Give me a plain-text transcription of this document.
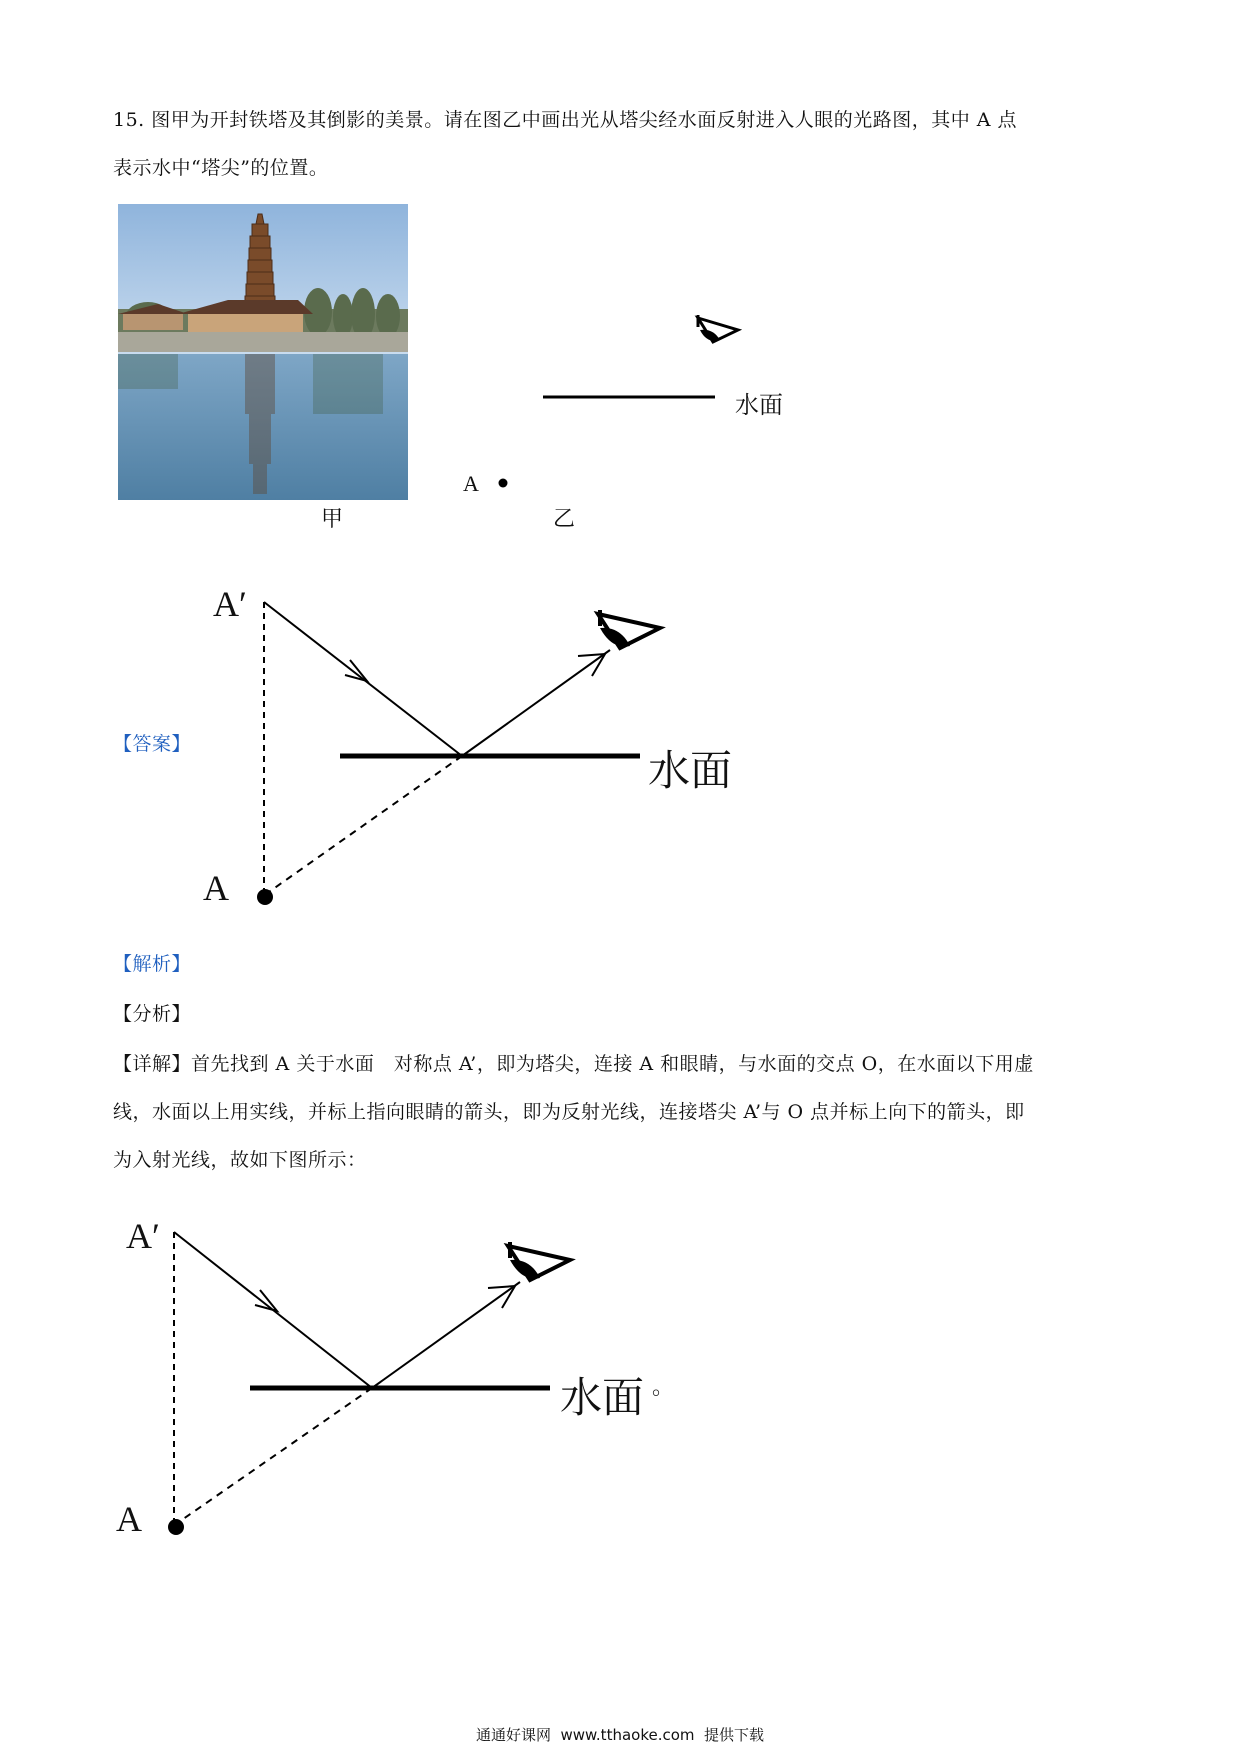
15. 图甲为开封铁塔及其倒影的美景。请在图乙中画出光从塔尖经水面反射进入人眼的光路图，其中 A 点
表示水中“塔尖”的位置。
甲
水面
A
乙
【答案】
A′
A
水面
【解析】
【分析】
【详解】首先找到 A 关于水面　对称点 A’，即为塔尖，连接 A 和眼睛，与水面的交点 O，在水面以下用虚
线，水面以上用实线，并标上指向眼睛的箭头，即为反射光线，连接塔尖 A’与 O 点并标上向下的箭头，即
为入射光线，故如下图所示：
A′
A
水面 。
通通好课网  www.tthaoke.com  提供下载
